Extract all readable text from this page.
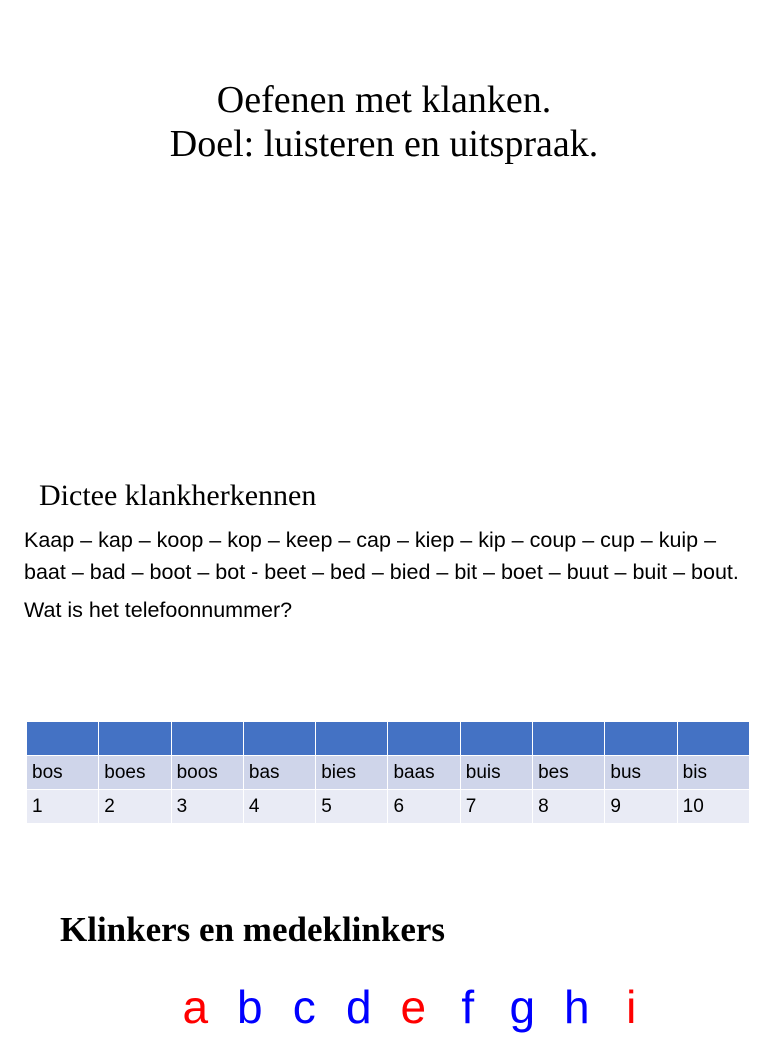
Oefenen met klanken.
Doel: luisteren en uitspraak.
Dictee klankherkennen

Kaap – kap – koop – kop – keep – cap – kiep – kip – coup – cup – kuip – baat – bad – boot – bot - beet – bed – bied – bit – boet – buut – buit – bout.

Wat is het telefoonnummer?

bos	boes	boos	bas	bies	baas	buis	bes	bus	bis
1	2	3	4	5	6	7	8	9	10
Klinkers en medeklinkers
a b c d e f g h i
